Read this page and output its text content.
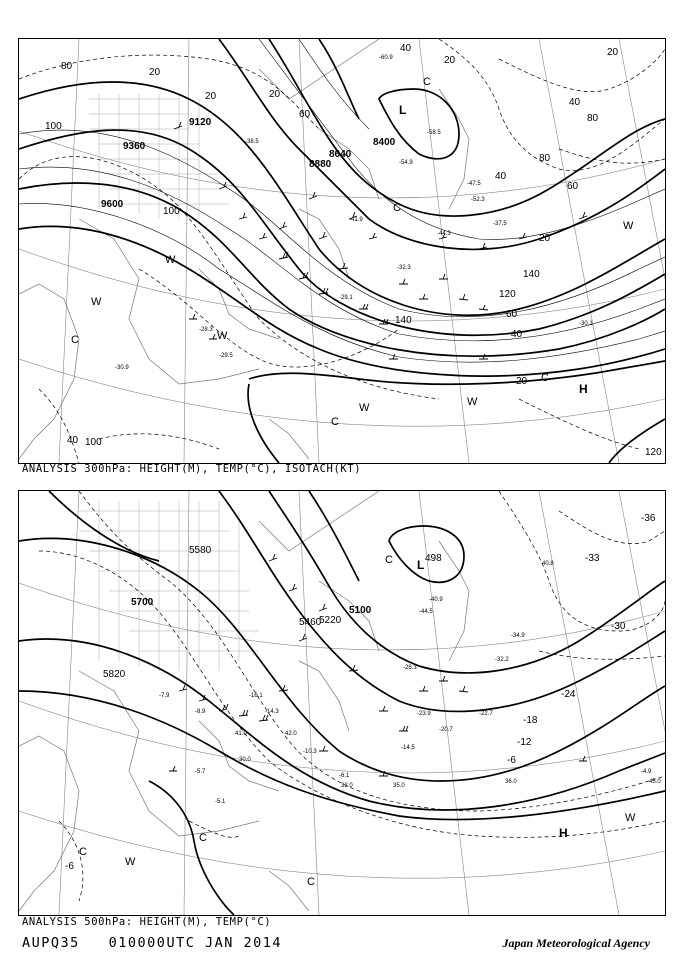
9120
9360
9600
8640
8880
8400
20
80
100
100
20	20
60
40
20
20
40
80
80
60
40
20
140
120
60
40
20
140
40 100
120
-58.5
-60.9
-54.9
-32.3
-29.1
-29.5
-28.3
-30.9
-30.1
-41.9
-38.5
-47.5
-44.3
-52.3
-37.5
L
H
C
C
C
C
C
W
W
W
W	W
W
ANALYSIS 300hPa: HEIGHT(M), TEMP(°C), ISOTACH(KT)
5580
5700
5820
5100
5220
5460
498
-36
-33
-30
-24
-18
-12
-6
-6
-7.9
-8.9
-6.1
-5.7
-5.1
-4.9
-10.3
-14.3
-14.5
-16.1
-20.7
-22.7
-23.9
-28.3
-32.2
-34.9
-44.5
-40.9
42.0
41.0
36.0	45.0
35.0
32.0
30.0
40.8
L
H
C
C
C
C
W
W
ANALYSIS 500hPa: HEIGHT(M), TEMP(°C)
AUPQ35 010000UTC JAN 2014	Japan Meteorological Agency
